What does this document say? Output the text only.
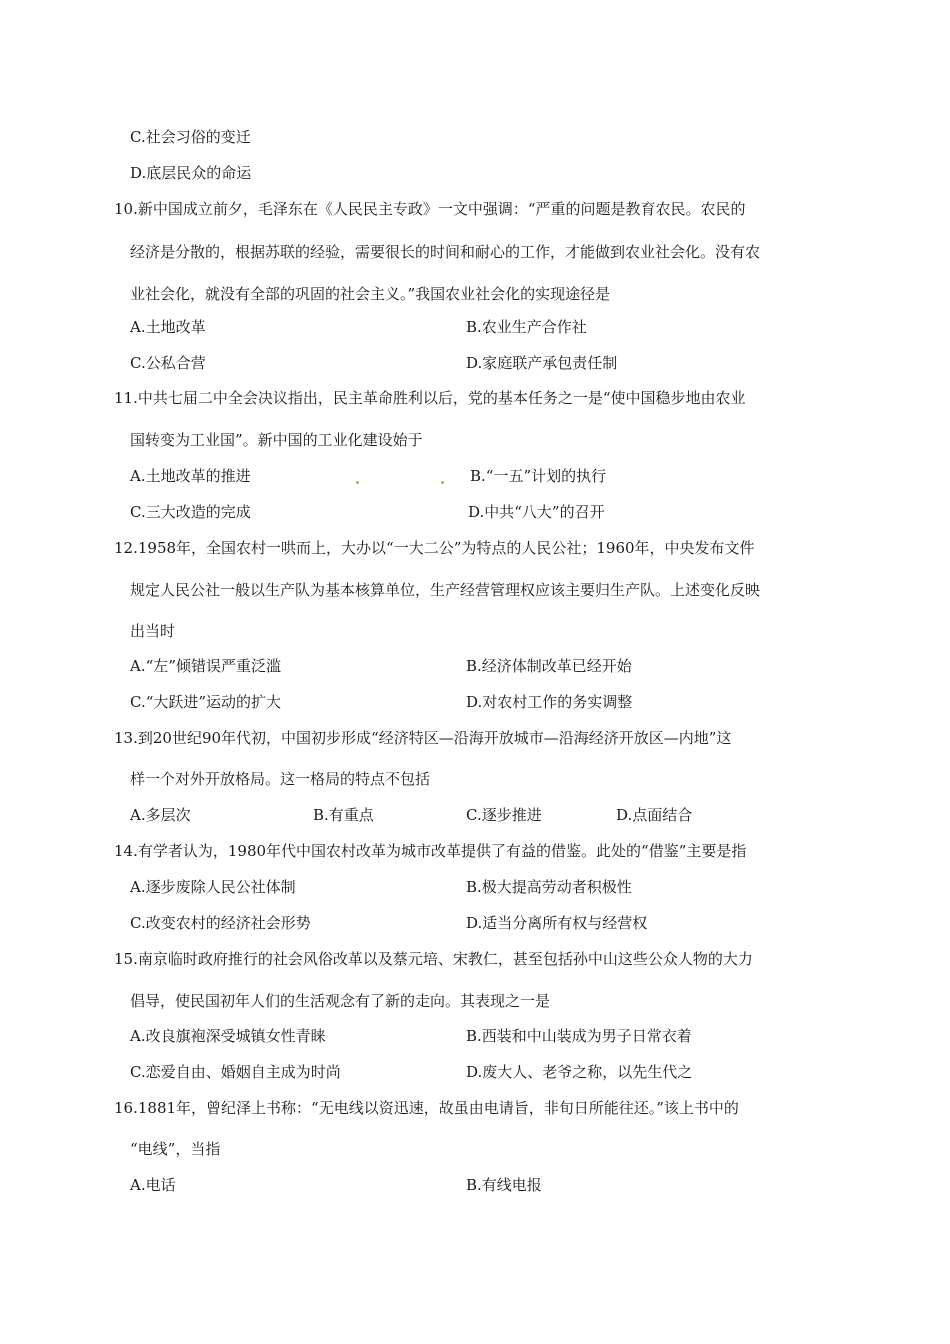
C.社会习俗的变迁
D.底层民众的命运
10.新中国成立前夕，毛泽东在《人民民主专政》一文中强调：“严重的问题是教育农民。农民的
经济是分散的，根据苏联的经验，需要很长的时间和耐心的工作，才能做到农业社会化。没有农
业社会化，就没有全部的巩固的社会主义。”我国农业社会化的实现途径是
A.土地改革	B.农业生产合作社
C.公私合营	D.家庭联产承包责任制
11.中共七届二中全会决议指出，民主革命胜利以后，党的基本任务之一是“使中国稳步地由农业
国转变为工业国”。新中国的工业化建设始于
A.土地改革的推进	B.“一五”计划的执行
C.三大改造的完成	D.中共“八大”的召开
12.1958年，全国农村一哄而上，大办以“一大二公”为特点的人民公社；1960年，中央发布文件
规定人民公社一般以生产队为基本核算单位，生产经营管理权应该主要归生产队。上述变化反映
出当时
A.“左”倾错误严重泛滥	B.经济体制改革已经开始
C.“大跃进”运动的扩大	D.对农村工作的务实调整
13.到20世纪90年代初，中国初步形成“经济特区—沿海开放城市—沿海经济开放区—内地”这
样一个对外开放格局。这一格局的特点不包括
A.多层次	B.有重点	C.逐步推进	D.点面结合
14.有学者认为，1980年代中国农村改革为城市改革提供了有益的借鉴。此处的“借鉴”主要是指
A.逐步废除人民公社体制	B.极大提高劳动者积极性
C.改变农村的经济社会形势	D.适当分离所有权与经营权
15.南京临时政府推行的社会风俗改革以及蔡元培、宋教仁，甚至包括孙中山这些公众人物的大力
倡导，使民国初年人们的生活观念有了新的走向。其表现之一是
A.改良旗袍深受城镇女性青睐	B.西装和中山装成为男子日常衣着
C.恋爱自由、婚姻自主成为时尚	D.废大人、老爷之称，以先生代之
16.1881年，曾纪泽上书称：“无电线以资迅速，故虽由电请旨，非旬日所能往还。”该上书中的
“电线”，当指
A.电话	B.有线电报
